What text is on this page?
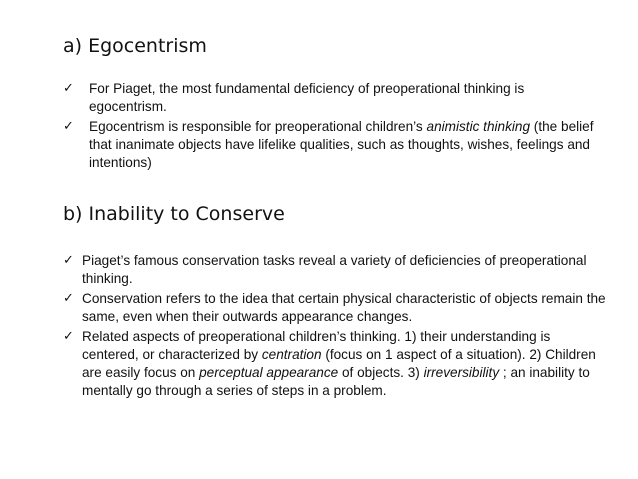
a) Egocentrism
✓ For Piaget, the most fundamental deficiency of preoperational thinking is egocentrism.
✓ Egocentrism is responsible for preoperational children’s animistic thinking (the belief that inanimate objects have lifelike qualities, such as thoughts, wishes, feelings and intentions)
b) Inability to Conserve
✓ Piaget’s famous conservation tasks reveal a variety of deficiencies of preoperational thinking.
✓ Conservation refers to the idea that certain physical characteristic of objects remain the same, even when their outwards appearance changes.
✓ Related aspects of preoperational children’s thinking. 1) their understanding is centered, or characterized by centration (focus on 1 aspect of a situation). 2) Children are easily focus on perceptual appearance of objects. 3) irreversibility ; an inability to mentally go through a series of steps in a problem.
